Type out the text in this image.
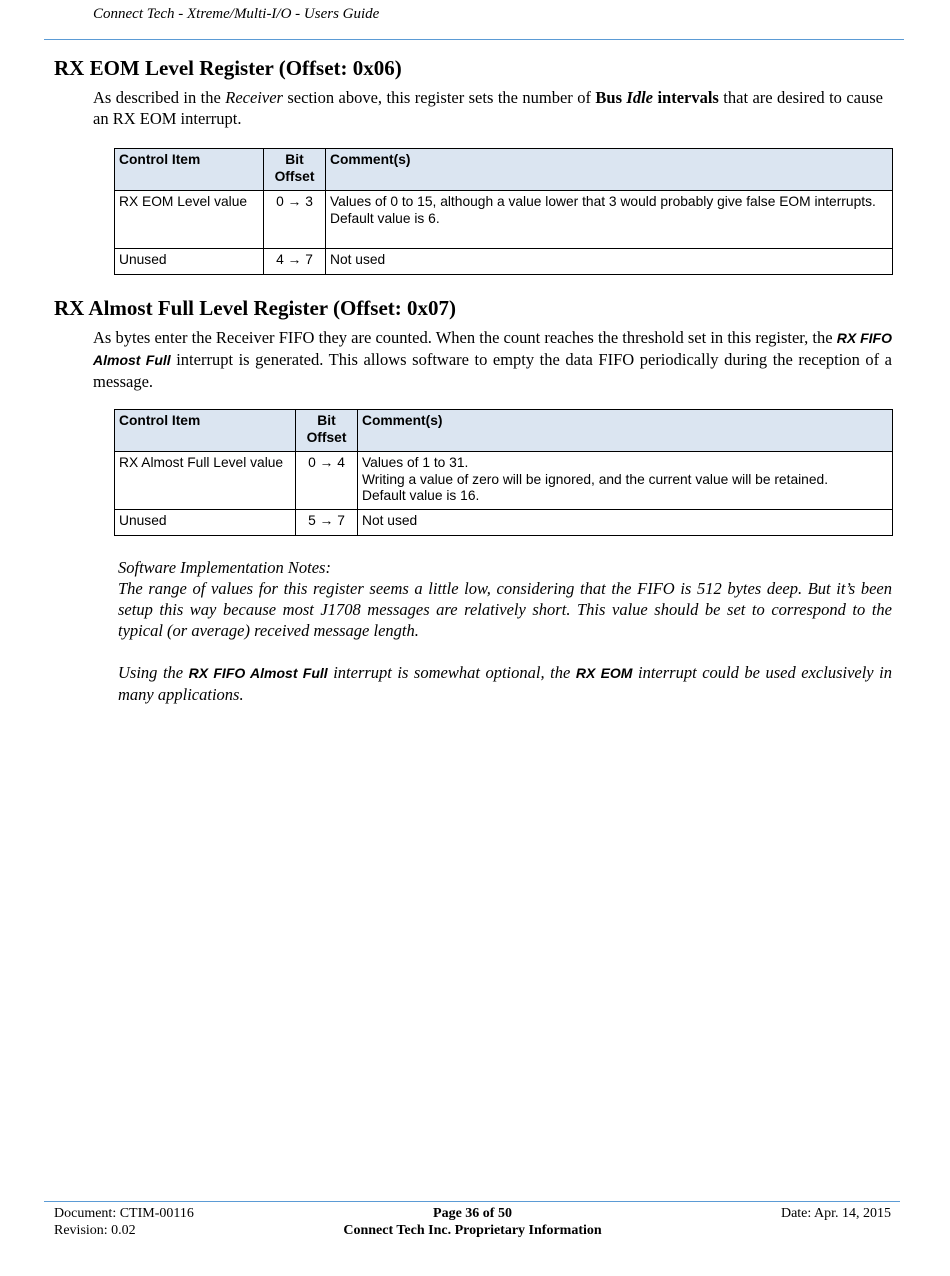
Connect Tech - Xtreme/Multi-I/O - Users Guide
RX EOM Level Register (Offset: 0x06)
As described in the Receiver section above, this register sets the number of Bus Idle intervals that are desired to cause an RX EOM interrupt.
Control Item	Bit Offset	Comment(s)
RX EOM Level value	0 → 3	Values of 0 to 15, although a value lower that 3 would probably give false EOM interrupts.
Default value is 6.

Unused	4 → 7	Not used
RX Almost Full Level Register (Offset: 0x07)
As bytes enter the Receiver FIFO they are counted. When the count reaches the threshold set in this register, the RX FIFO Almost Full interrupt is generated. This allows software to empty the data FIFO periodically during the reception of a message.
Control Item	Bit Offset	Comment(s)
RX Almost Full Level value	0 → 4	Values of 1 to 31.
Writing a value of zero will be ignored, and the current value will be retained.
Default value is 16.

Unused	5 → 7	Not used
Software Implementation Notes:
The range of values for this register seems a little low, considering that the FIFO is 512 bytes deep. But it’s been setup this way because most J1708 messages are relatively short. This value should be set to correspond to the typical (or average) received message length.
Using the RX FIFO Almost Full interrupt is somewhat optional, the RX EOM interrupt could be used exclusively in many applications.
Document: CTIM-00116
Revision: 0.02
Page 36 of 50
Connect Tech Inc. Proprietary Information
Date: Apr. 14, 2015
